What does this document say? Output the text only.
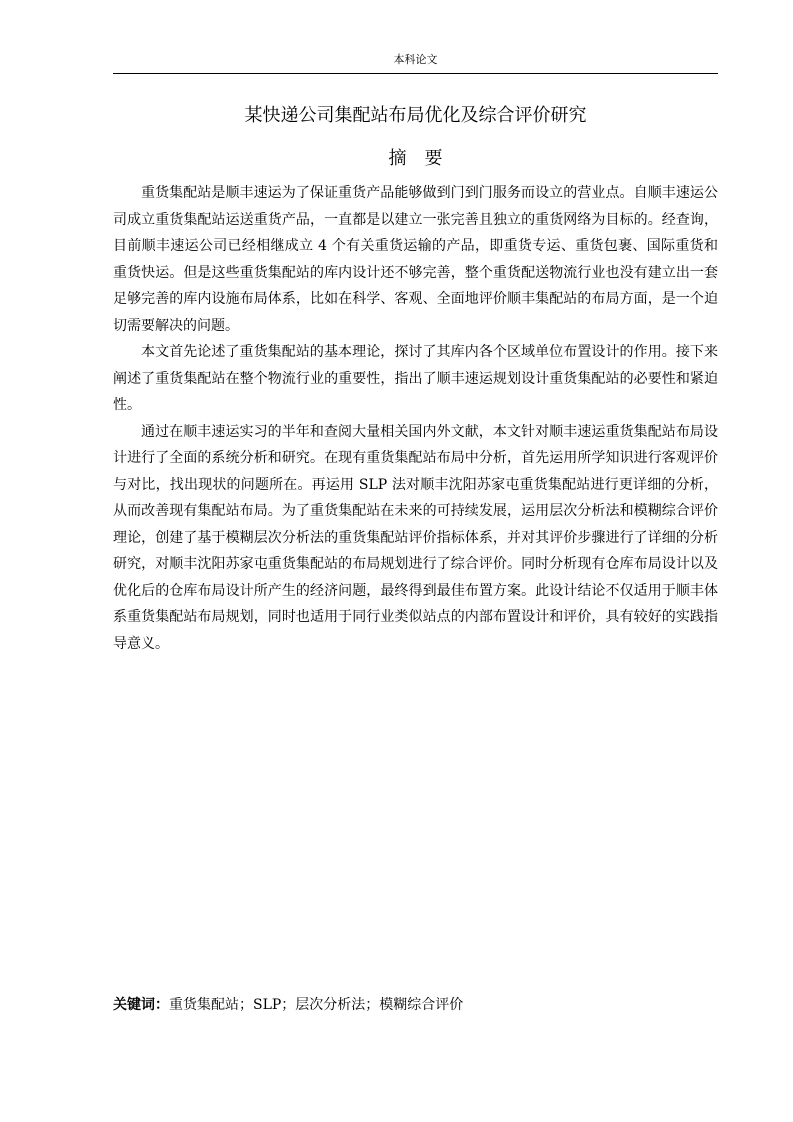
本科论文
某快递公司集配站布局优化及综合评价研究
摘要

重货集配站是顺丰速运为了保证重货产品能够做到门到门服务而设立的营业点。自顺丰速运公司成立重货集配站运送重货产品，一直都是以建立一张完善且独立的重货网络为目标的。经查询，目前顺丰速运公司已经相继成立 4 个有关重货运输的产品，即重货专运、重货包裹、国际重货和重货快运。但是这些重货集配站的库内设计还不够完善，整个重货配送物流行业也没有建立出一套足够完善的库内设施布局体系，比如在科学、客观、全面地评价顺丰集配站的布局方面，是一个迫切需要解决的问题。

本文首先论述了重货集配站的基本理论，探讨了其库内各个区域单位布置设计的作用。接下来阐述了重货集配站在整个物流行业的重要性，指出了顺丰速运规划设计重货集配站的必要性和紧迫性。

通过在顺丰速运实习的半年和查阅大量相关国内外文献，本文针对顺丰速运重货集配站布局设计进行了全面的系统分析和研究。在现有重货集配站布局中分析，首先运用所学知识进行客观评价与对比，找出现状的问题所在。再运用 SLP 法对顺丰沈阳苏家屯重货集配站进行更详细的分析，从而改善现有集配站布局。为了重货集配站在未来的可持续发展，运用层次分析法和模糊综合评价理论，创建了基于模糊层次分析法的重货集配站评价指标体系，并对其评价步骤进行了详细的分析研究，对顺丰沈阳苏家屯重货集配站的布局规划进行了综合评价。同时分析现有仓库布局设计以及优化后的仓库布局设计所产生的经济问题，最终得到最佳布置方案。此设计结论不仅适用于顺丰体系重货集配站布局规划，同时也适用于同行业类似站点的内部布置设计和评价，具有较好的实践指导意义。

关键词：重货集配站；SLP；层次分析法；模糊综合评价
